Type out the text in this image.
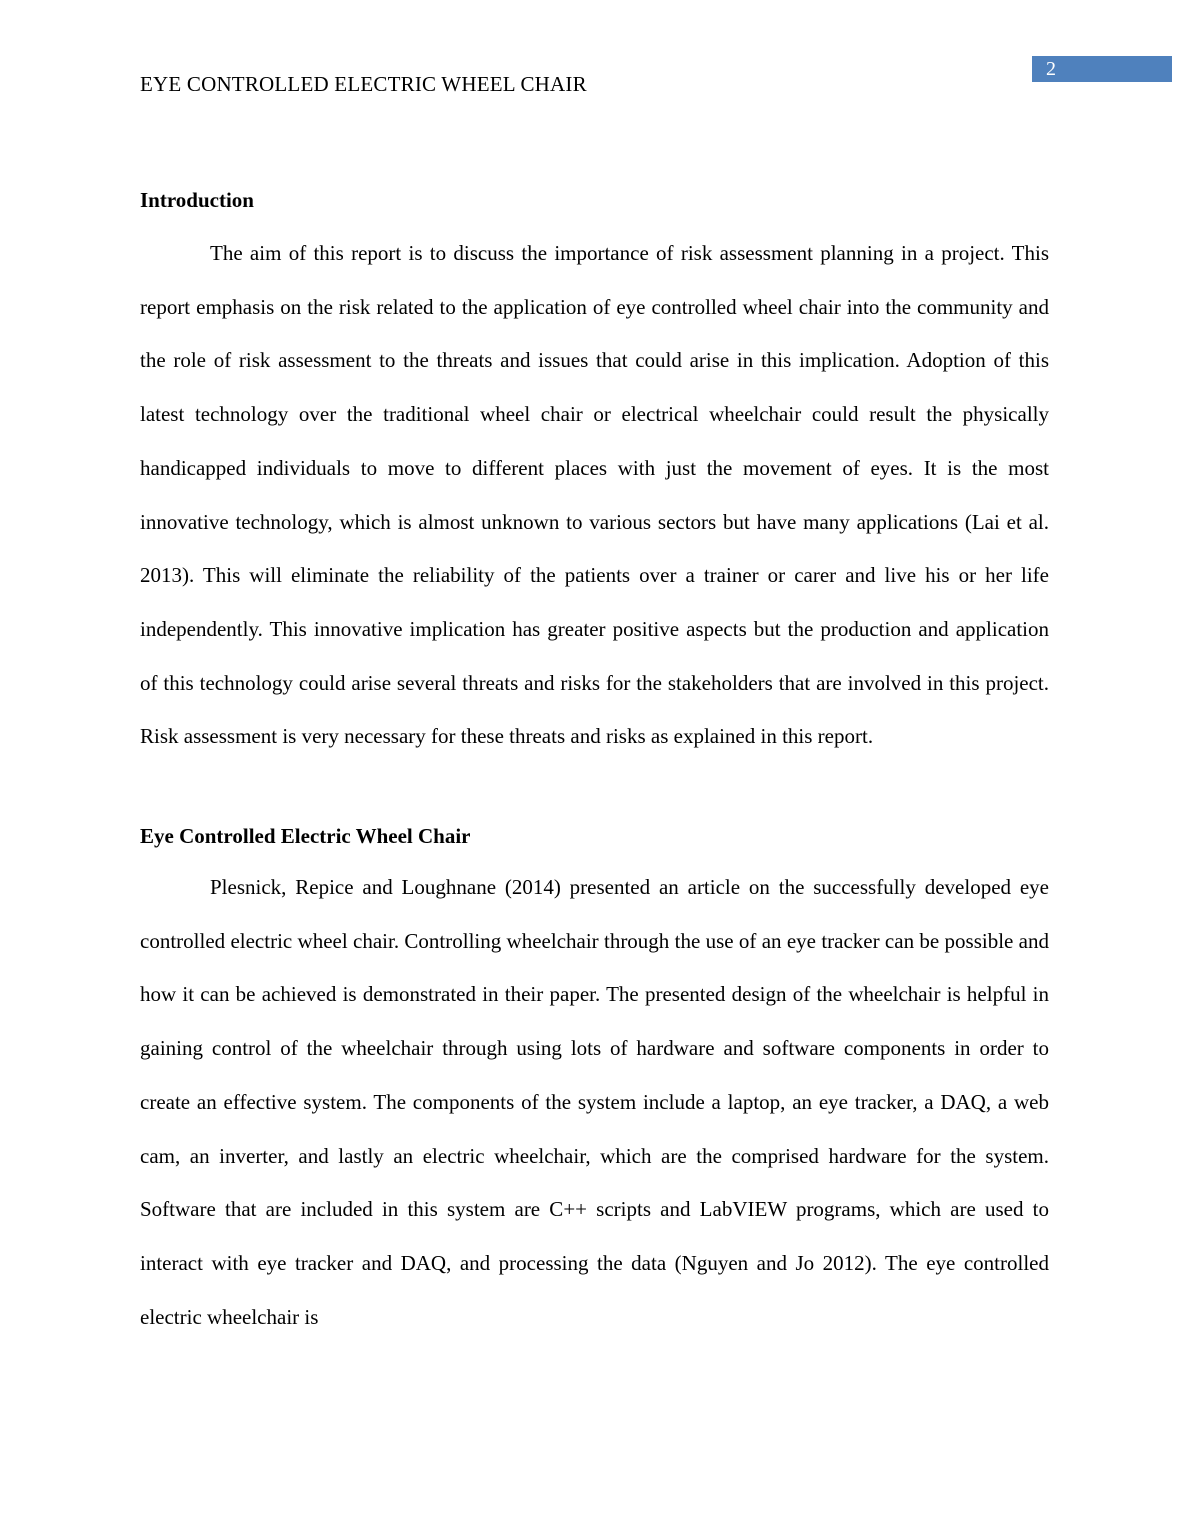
2
EYE CONTROLLED ELECTRIC WHEEL CHAIR
Introduction

The aim of this report is to discuss the importance of risk assessment planning in a project. This report emphasis on the risk related to the application of eye controlled wheel chair into the community and the role of risk assessment to the threats and issues that could arise in this implication. Adoption of this latest technology over the traditional wheel chair or electrical wheelchair could result the physically handicapped individuals to move to different places with just the movement of eyes. It is the most innovative technology, which is almost unknown to various sectors but have many applications (Lai et al. 2013). This will eliminate the reliability of the patients over a trainer or carer and live his or her life independently. This innovative implication has greater positive aspects but the production and application of this technology could arise several threats and risks for the stakeholders that are involved in this project. Risk assessment is very necessary for these threats and risks as explained in this report.

Eye Controlled Electric Wheel Chair

Plesnick, Repice and Loughnane (2014) presented an article on the successfully developed eye controlled electric wheel chair. Controlling wheelchair through the use of an eye tracker can be possible and how it can be achieved is demonstrated in their paper. The presented design of the wheelchair is helpful in gaining control of the wheelchair through using lots of hardware and software components in order to create an effective system. The components of the system include a laptop, an eye tracker, a DAQ, a web cam, an inverter, and lastly an electric wheelchair, which are the comprised hardware for the system. Software that are included in this system are C++ scripts and LabVIEW programs, which are used to interact with eye tracker and DAQ, and processing the data (Nguyen and Jo 2012). The eye controlled electric wheelchair is
